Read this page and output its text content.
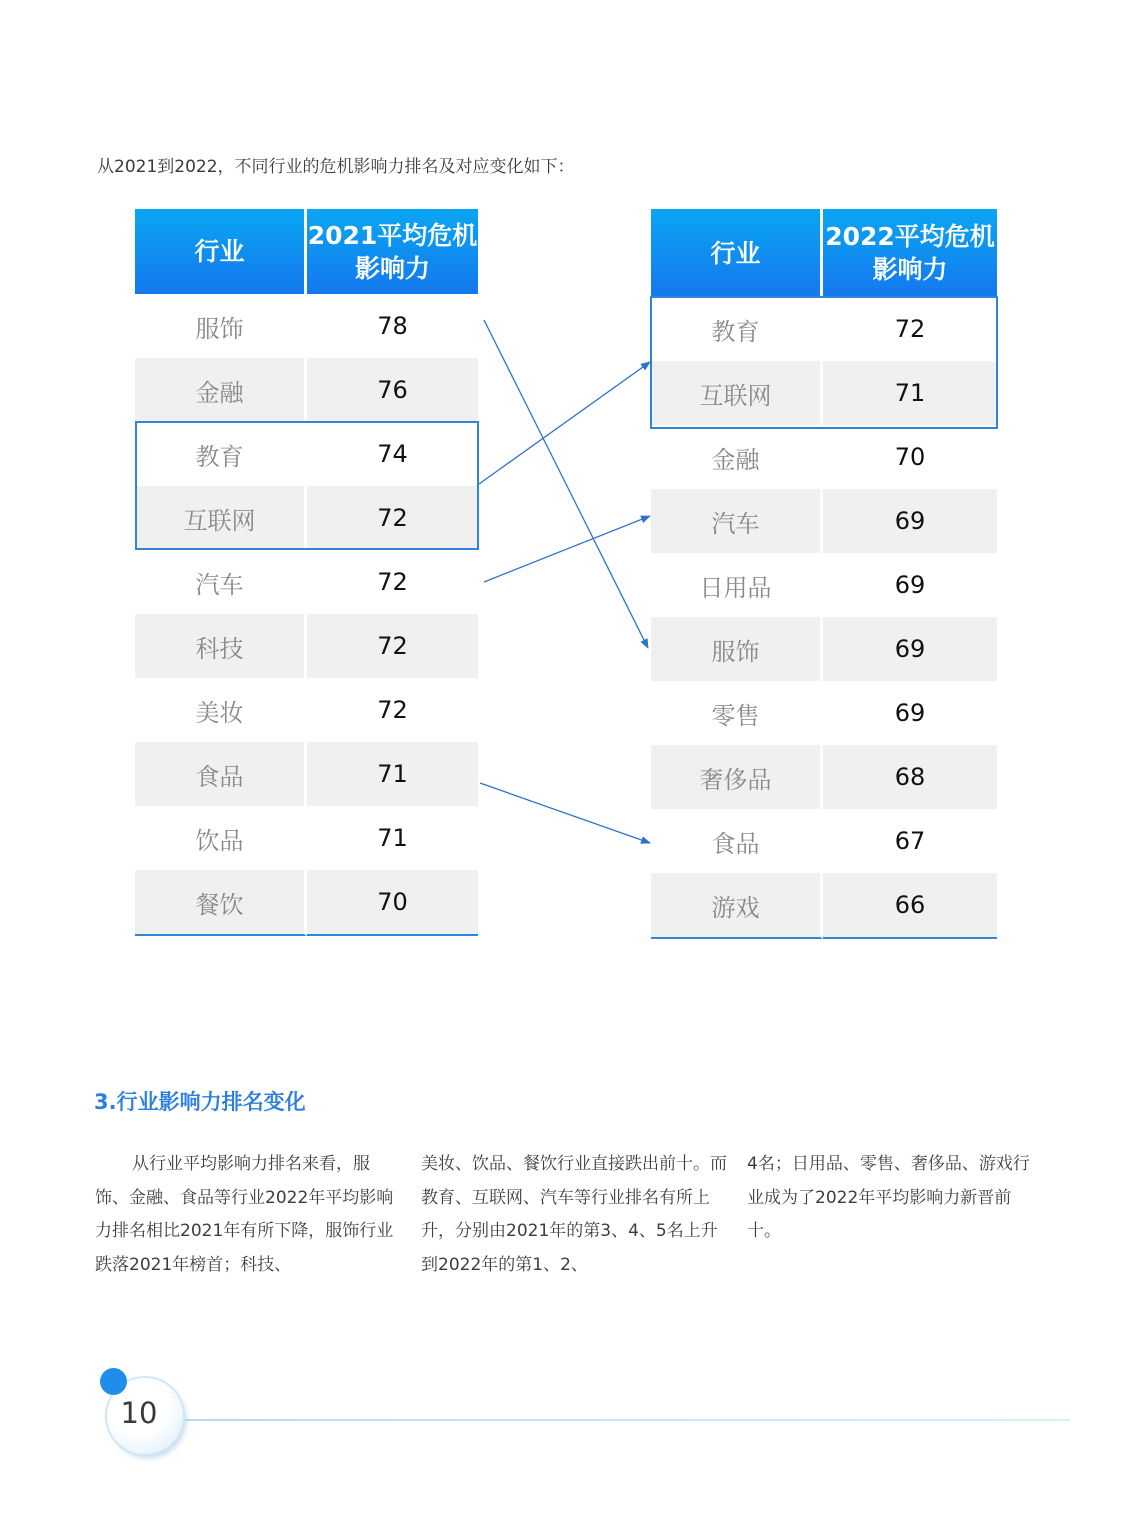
从2021到2022，不同行业的危机影响力排名及对应变化如下：

行业	2021平均危机影响力
服饰	78
金融	76
教育	74
互联网	72
汽车	72
科技	72
美妆	72
食品	71
饮品	71
餐饮	70
行业	2022平均危机影响力
教育	72
互联网	71
金融	70
汽车	69
日用品	69
服饰	69
零售	69
奢侈品	68
食品	67
游戏	66
3.行业影响力排名变化

从行业平均影响力排名来看，服饰、金融、食品等行业2022年平均影响力排名相比2021年有所下降，服饰行业跌落2021年榜首；科技、

美妆、饮品、餐饮行业直接跌出前十。而教育、互联网、汽车等行业排名有所上升，分别由2021年的第3、4、5名上升到2022年的第1、2、

4名；日用品、零售、奢侈品、游戏行业成为了2022年平均影响力新晋前十。

10
